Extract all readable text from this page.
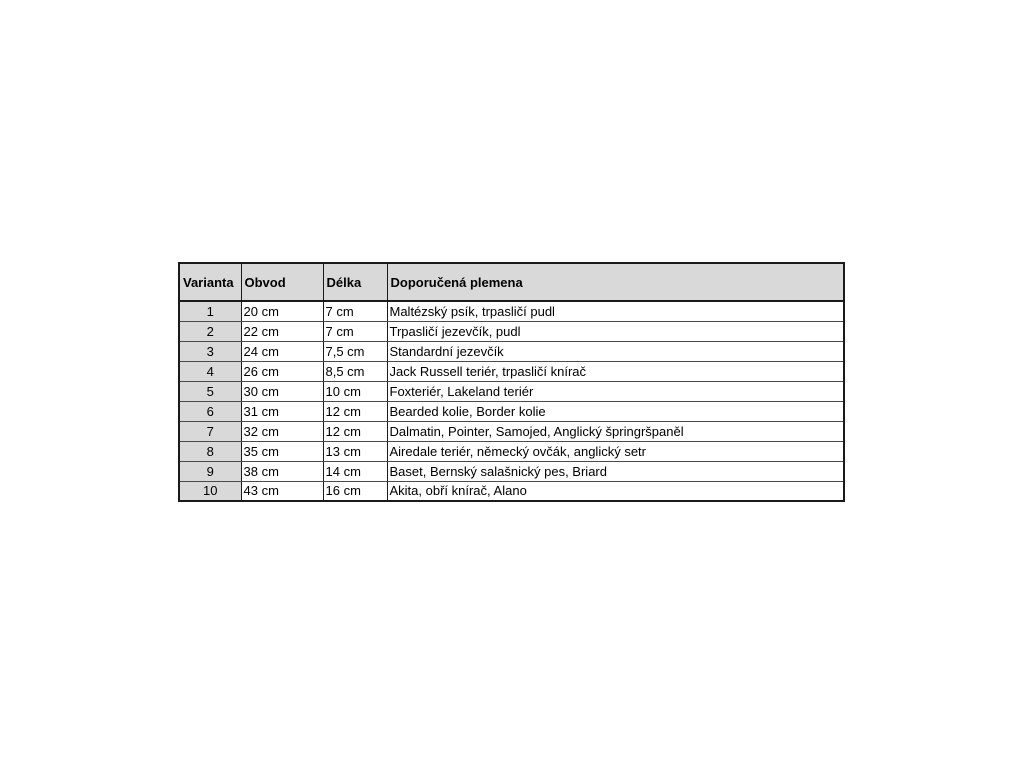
Varianta	Obvod	Délka	Doporučená plemena
1	20 cm	7 cm	Maltézský psík, trpasličí pudl
2	22 cm	7 cm	Trpasličí jezevčík, pudl
3	24 cm	7,5 cm	Standardní jezevčík
4	26 cm	8,5 cm	Jack Russell teriér, trpasličí knírač
5	30 cm	10 cm	Foxteriér, Lakeland teriér
6	31 cm	12 cm	Bearded kolie, Border kolie
7	32 cm	12 cm	Dalmatin, Pointer, Samojed, Anglický špringršpaněl
8	35 cm	13 cm	Airedale teriér, německý ovčák, anglický setr
9	38 cm	14 cm	Baset, Bernský salašnický pes, Briard
10	43 cm	16 cm	Akita, obří knírač, Alano
